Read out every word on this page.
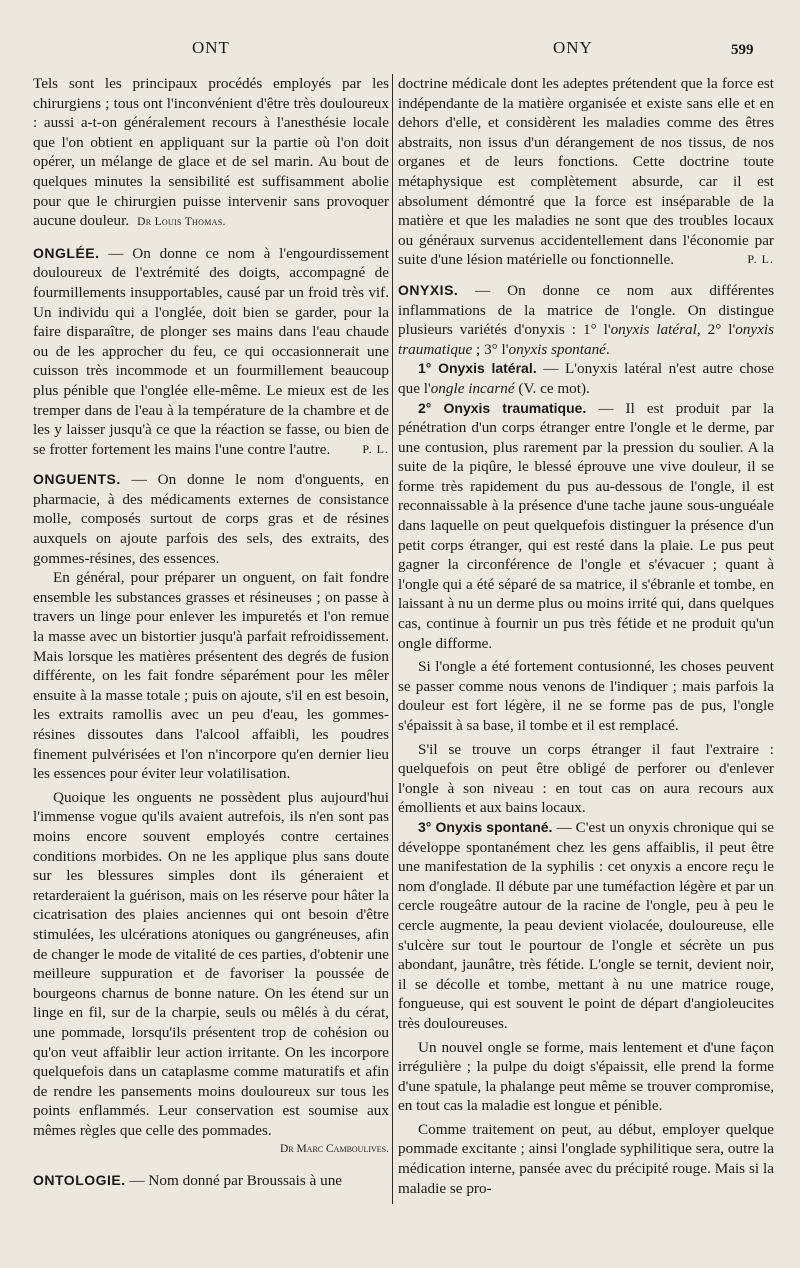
ONT	ONY	599

Tels sont les principaux procédés employés par les chirurgiens ; tous ont l'inconvénient d'être très douloureux : aussi a-t-on généralement recours à l'anesthésie locale que l'on obtient en appliquant sur la partie où l'on doit opérer, un mélange de glace et de sel marin. Au bout de quelques minutes la sensibilité est suffisamment abolie pour que le chirurgien puisse intervenir sans provoquer aucune douleur. Dr Louis Thomas.

ONGLÉE. — On donne ce nom à l'engourdissement douloureux de l'extrémité des doigts, accompagné de fourmillements insupportables, causé par un froid très vif. Un individu qui a l'onglée, doit bien se garder, pour la faire disparaître, de plonger ses mains dans l'eau chaude ou de les approcher du feu, ce qui occasionnerait une cuisson très incommode et un fourmillement beaucoup plus pénible que l'onglée elle-même. Le mieux est de les tremper dans de l'eau à la température de la chambre et de les y laisser jusqu'à ce que la réaction se fasse, ou bien de se frotter fortement les mains l'une contre l'autre.	P. L.

ONGUENTS. — On donne le nom d'onguents, en pharmacie, à des médicaments externes de consistance molle, composés surtout de corps gras et de résines auxquels on ajoute parfois des sels, des extraits, des gommes-résines, des essences.

En général, pour préparer un onguent, on fait fondre ensemble les substances grasses et résineuses ; on passe à travers un linge pour enlever les impuretés et l'on remue la masse avec un bistortier jusqu'à parfait refroidissement. Mais lorsque les matières présentent des degrés de fusion différente, on les fait fondre séparément pour les mêler ensuite à la masse totale ; puis on ajoute, s'il en est besoin, les extraits ramollis avec un peu d'eau, les gommes-résines dissoutes dans l'alcool affaibli, les poudres finement pulvérisées et l'on n'incorpore qu'en dernier lieu les essences pour éviter leur volatilisation.

Quoique les onguents ne possèdent plus aujourd'hui l'immense vogue qu'ils avaient autrefois, ils n'en sont pas moins encore souvent employés contre certaines conditions morbides. On ne les applique plus sans doute sur les blessures simples dont ils géneraient et retarderaient la guérison, mais on les réserve pour hâter la cicatrisation des plaies anciennes qui ont besoin d'être stimulées, les ulcérations atoniques ou gangréneuses, afin de changer le mode de vitalité de ces parties, d'obtenir une meilleure suppuration et de favoriser la poussée de bourgeons charnus de bonne nature. On les étend sur un linge en fil, sur de la charpie, seuls ou mêlés à du cérat, une pommade, lorsqu'ils présentent trop de cohésion ou qu'on veut affaiblir leur action irritante. On les incorpore quelquefois dans un cataplasme comme maturatifs et afin de rendre les pansements moins douloureux sur tous les points enflammés. Leur conservation est soumise aux mêmes règles que celle des pommades.

Dr Marc Camboulives.

ONTOLOGIE. — Nom donné par Broussais à une

doctrine médicale dont les adeptes prétendent que la force est indépendante de la matière organisée et existe sans elle et en dehors d'elle, et considèrent les maladies comme des êtres abstraits, non issus d'un dérangement de nos tissus, de nos organes et de leurs fonctions. Cette doctrine toute métaphysique est complètement absurde, car il est absolument démontré que la force est inséparable de la matière et que les maladies ne sont que des troubles locaux ou généraux survenus accidentellement dans l'économie par suite d'une lésion matérielle ou fonctionnelle.	P. L.

ONYXIS. — On donne ce nom aux différentes inflammations de la matrice de l'ongle. On distingue plusieurs variétés d'onyxis : 1° l'onyxis latéral, 2° l'onyxis traumatique ; 3° l'onyxis spontané.

1° Onyxis latéral. — L'onyxis latéral n'est autre chose que l'ongle incarné (V. ce mot).

2° Onyxis traumatique. — Il est produit par la pénétration d'un corps étranger entre l'ongle et le derme, par une contusion, plus rarement par la pression du soulier. A la suite de la piqûre, le blessé éprouve une vive douleur, il se forme très rapidement du pus au-dessous de l'ongle, il est reconnaissable à la présence d'une tache jaune sous-unguéale dans laquelle on peut quelquefois distinguer la présence d'un petit corps étranger, qui est resté dans la plaie. Le pus peut gagner la circonférence de l'ongle et s'évacuer ; quant à l'ongle qui a été séparé de sa matrice, il s'ébranle et tombe, en laissant à nu un derme plus ou moins irrité qui, dans quelques cas, continue à fournir un pus très fétide et ne produit qu'un ongle difforme.

Si l'ongle a été fortement contusionné, les choses peuvent se passer comme nous venons de l'indiquer ; mais parfois la douleur est fort légère, il ne se forme pas de pus, l'ongle s'épaissit à sa base, il tombe et il est remplacé.

S'il se trouve un corps étranger il faut l'extraire : quelquefois on peut être obligé de perforer ou d'enlever l'ongle à son niveau : en tout cas on aura recours aux émollients et aux bains locaux.

3° Onyxis spontané. — C'est un onyxis chronique qui se développe spontanément chez les gens affaiblis, il peut être une manifestation de la syphilis : cet onyxis a encore reçu le nom d'onglade. Il débute par une tuméfaction légère et par un cercle rougeâtre autour de la racine de l'ongle, peu à peu le cercle augmente, la peau devient violacée, douloureuse, elle s'ulcère sur tout le pourtour de l'ongle et sécrète un pus abondant, jaunâtre, très fétide. L'ongle se ternit, devient noir, il se décolle et tombe, mettant à nu une matrice rouge, fongueuse, qui est souvent le point de départ d'angioleucites très douloureuses.

Un nouvel ongle se forme, mais lentement et d'une façon irrégulière ; la pulpe du doigt s'épaissit, elle prend la forme d'une spatule, la phalange peut même se trouver compromise, en tout cas la maladie est longue et pénible.

Comme traitement on peut, au début, employer quelque pommade excitante ; ainsi l'onglade syphilitique sera, outre la médication interne, pansée avec du précipité rouge. Mais si la maladie se pro-
